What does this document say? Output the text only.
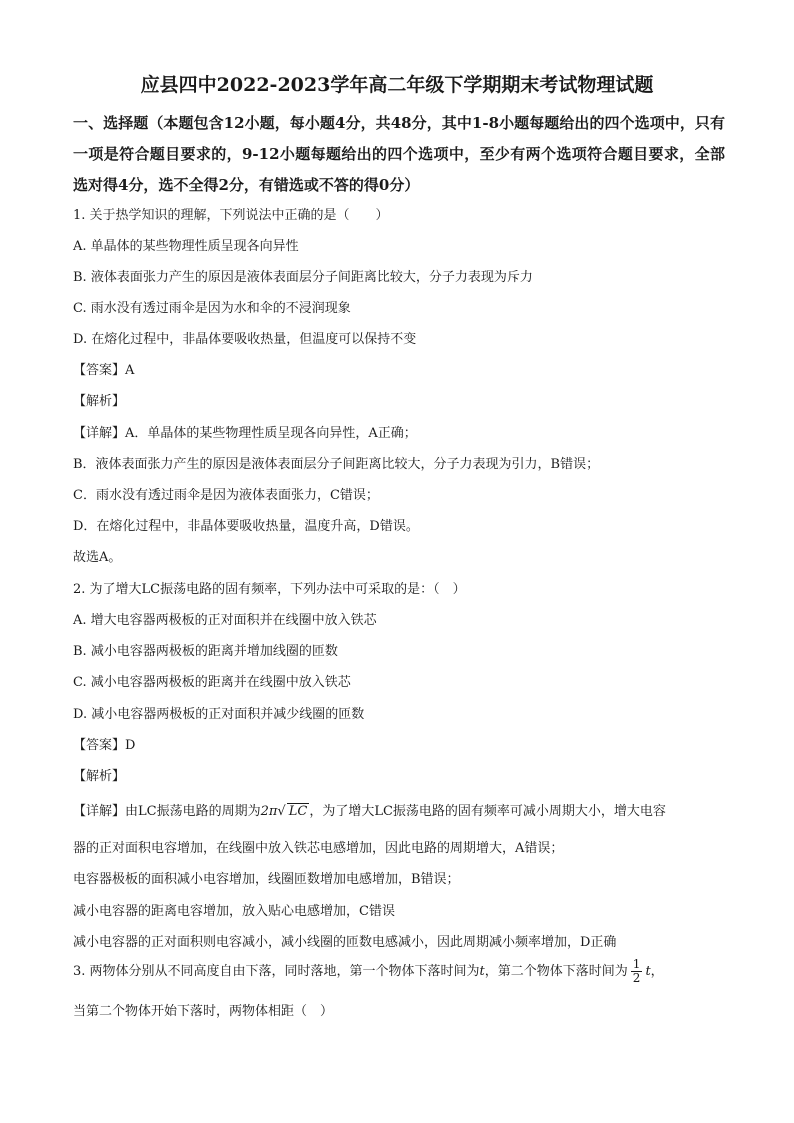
应县四中2022-2023学年高二年级下学期期末考试物理试题

一、选择题（本题包含12小题，每小题4分，共48分，其中1-8小题每题给出的四个选项中，只有一项是符合题目要求的，9-12小题每题给出的四个选项中，至少有两个选项符合题目要求，全部选对得4分，选不全得2分，有错选或不答的得0分）

1. 关于热学知识的理解，下列说法中正确的是（　　）

A. 单晶体的某些物理性质呈现各向异性

B. 液体表面张力产生的原因是液体表面层分子间距离比较大，分子力表现为斥力

C. 雨水没有透过雨伞是因为水和伞的不浸润现象

D. 在熔化过程中，非晶体要吸收热量，但温度可以保持不变

【答案】A

【解析】

【详解】A．单晶体的某些物理性质呈现各向异性，A正确；

B．液体表面张力产生的原因是液体表面层分子间距离比较大，分子力表现为引力，B错误；

C．雨水没有透过雨伞是因为液体表面张力，C错误；

D．在熔化过程中，非晶体要吸收热量，温度升高，D错误。

故选A。

2. 为了增大LC振荡电路的固有频率，下列办法中可采取的是：（　）

A. 增大电容器两极板的正对面积并在线圈中放入铁芯

B. 减小电容器两极板的距离并增加线圈的匝数

C. 减小电容器两极板的距离并在线圈中放入铁芯

D. 减小电容器两极板的正对面积并减少线圈的匝数

【答案】D

【解析】

【详解】由LC振荡电路的周期为2π√ LC ，为了增大LC振荡电路的固有频率可减小周期大小，增大电容

器的正对面积电容增加，在线圈中放入铁芯电感增加，因此电路的周期增大，A错误；

电容器极板的面积减小电容增加，线圈匝数增加电感增加，B错误；

减小电容器的距离电容增加，放入贴心电感增加，C错误

减小电容器的正对面积则电容减小，减小线圈的匝数电感减小，因此周期减小频率增加，D正确

3. 两物体分别从不同高度自由下落，同时落地，第一个物体下落时间为t，第二个物体下落时间为 $\frac{1}{2}$ t，

当第二个物体开始下落时，两物体相距（　）
